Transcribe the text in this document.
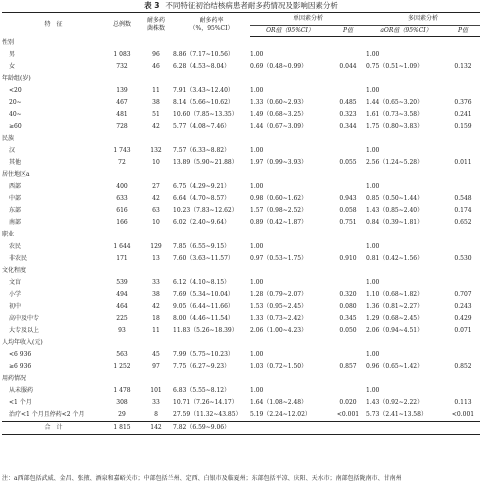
表 3 不同特征初治结核病患者耐多药情况及影响因素分析
特　征	总例数	耐多药
菌株数	耐多药率
（%，95%CI）	单因素分析		多因素分析	
				OR值（95%CI）	P值	aOR值（95%CI）	P值
性别							
男	1 083	96	8.86（7.17~10.56）	1.00		1.00	
女	732	46	6.28（4.53~8.04）	0.69（0.48~0.99）	0.044	0.75（0.51~1.09）	0.132
年龄组(岁)							
<20	139	11	7.91（3.43~12.40）	1.00		1.00	
20~	467	38	8.14（5.66~10.62）	1.33（0.60~2.93）	0.485	1.44（0.65~3.20）	0.376
40~	481	51	10.60（7.85~13.35）	1.49（0.68~3.25）	0.323	1.61（0.73~3.58）	0.241
≥60	728	42	5.77（4.08~7.46）	1.44（0.67~3.09）	0.344	1.75（0.80~3.83）	0.159
民族							
汉	1 743	132	7.57（6.33~8.82）	1.00		1.00	
其他	72	10	13.89（5.90~21.88）	1.97（0.99~3.93）	0.055	2.56（1.24~5.28）	0.011
居住地区a							
西部	400	27	6.75（4.29~9.21）	1.00		1.00	
中部	633	42	6.64（4.70~8.57）	0.98（0.60~1.62）	0.943	0.85（0.50~1.44）	0.548
东部	616	63	10.23（7.83~12.62）	1.57（0.98~2.52）	0.058	1.43（0.85~2.40）	0.174
南部	166	10	6.02（2.40~9.64）	0.89（0.42~1.87）	0.751	0.84（0.39~1.81）	0.652
职业							
农民	1 644	129	7.85（6.55~9.15）	1.00		1.00	
非农民	171	13	7.60（3.63~11.57）	0.97（0.53~1.75）	0.910	0.81（0.42~1.56）	0.530
文化程度							
文盲	539	33	6.12（4.10~8.15）	1.00		1.00	
小学	494	38	7.69（5.34~10.04）	1.28（0.79~2.07）	0.320	1.10（0.68~1.82）	0.707
初中	464	42	9.05（6.44~11.66）	1.53（0.95~2.45）	0.080	1.36（0.81~2.27）	0.243
高中及中专	225	18	8.00（4.46~11.54）	1.33（0.73~2.42）	0.345	1.29（0.68~2.45）	0.429
大专及以上	93	11	11.83（5.26~18.39）	2.06（1.00~4.23）	0.050	2.06（0.94~4.51）	0.071
人均年收入(元)							
<6 936	563	45	7.99（5.75~10.23）	1.00		1.00	
≥6 936	1 252	97	7.75（6.27~9.23）	1.03（0.72~1.50）	0.857	0.96（0.65~1.42）	0.852
用药情况							
从未服药	1 478	101	6.83（5.55~8.12）	1.00		1.00	
<1 个月	308	33	10.71（7.26~14.17）	1.64（1.08~2.48）	0.020	1.43（0.92~2.22）	0.113
治疗<1 个月且停药<2 个月	29	8	27.59（11.32~43.85）	5.19（2.24~12.02）	<0.001	5.73（2.41~13.58）	<0.001
合　计	1 815	142	7.82（6.59~9.06）				
注：a西部包括武威、金昌、张掖、酒泉和嘉峪关市；中部包括兰州、定西、白银市及临夏州；东部包括平凉、庆阳、天水市；南部包括陇南市、甘南州
